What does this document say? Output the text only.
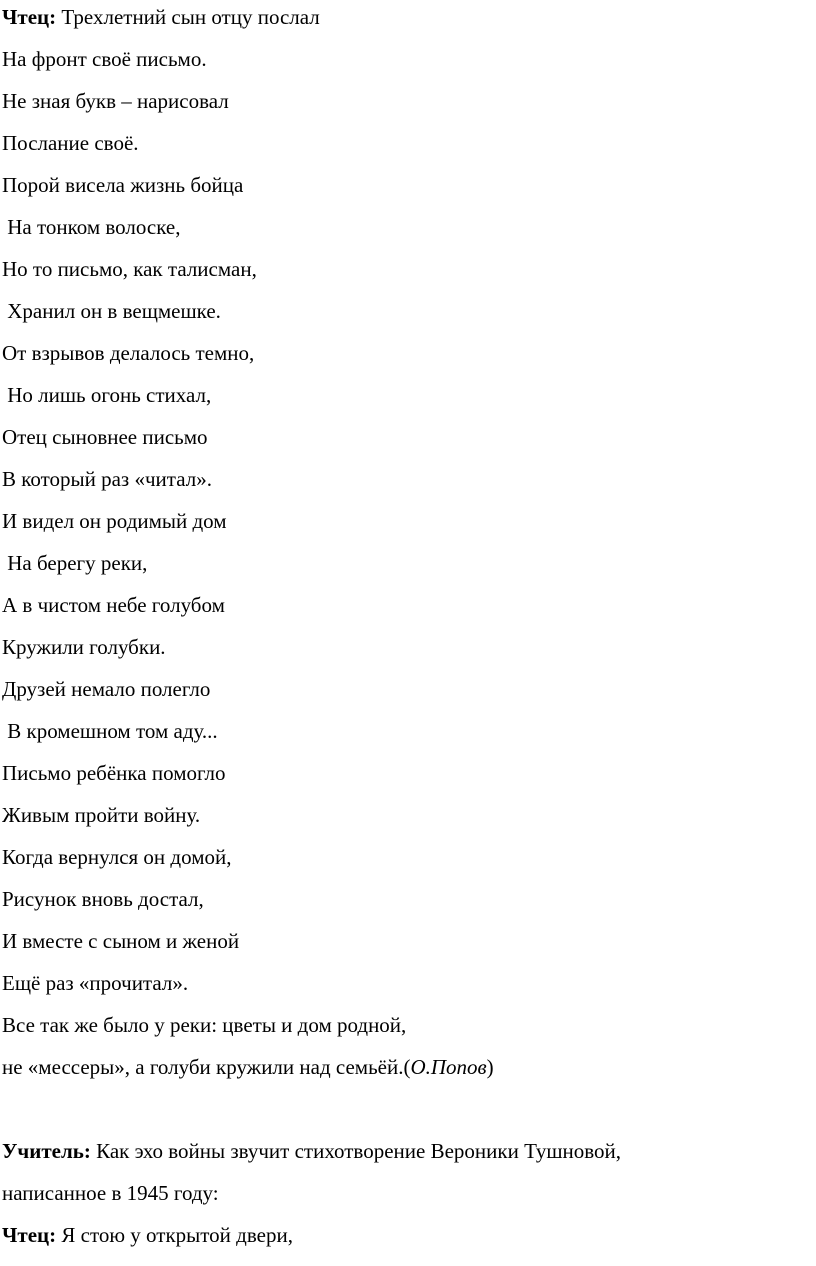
Чтец: Трехлетний сын отцу послал
На фронт своё письмо.
Не зная букв – нарисовал
Послание своё.
Порой висела жизнь бойца
На тонком волоске,
Но то письмо, как талисман,
Хранил он в вещмешке.
От взрывов делалось темно,
Но лишь огонь стихал,
Отец сыновнее письмо
В который раз «читал».
И видел он родимый дом
На берегу реки,
А в чистом небе голубом
Кружили голубки.
Друзей немало полегло
В кромешном том аду...
Письмо ребёнка помогло
Живым пройти войну.
Когда вернулся он домой,
Рисунок вновь достал,
И вместе с сыном и женой
Ещё раз «прочитал».
Все так же было у реки: цветы и дом родной,
не «мессеры», а голуби кружили над семьёй.(О.Попов)
Учитель: Как эхо войны звучит стихотворение Вероники Тушновой,
написанное в 1945 году:
Чтец: Я стою у открытой двери,
